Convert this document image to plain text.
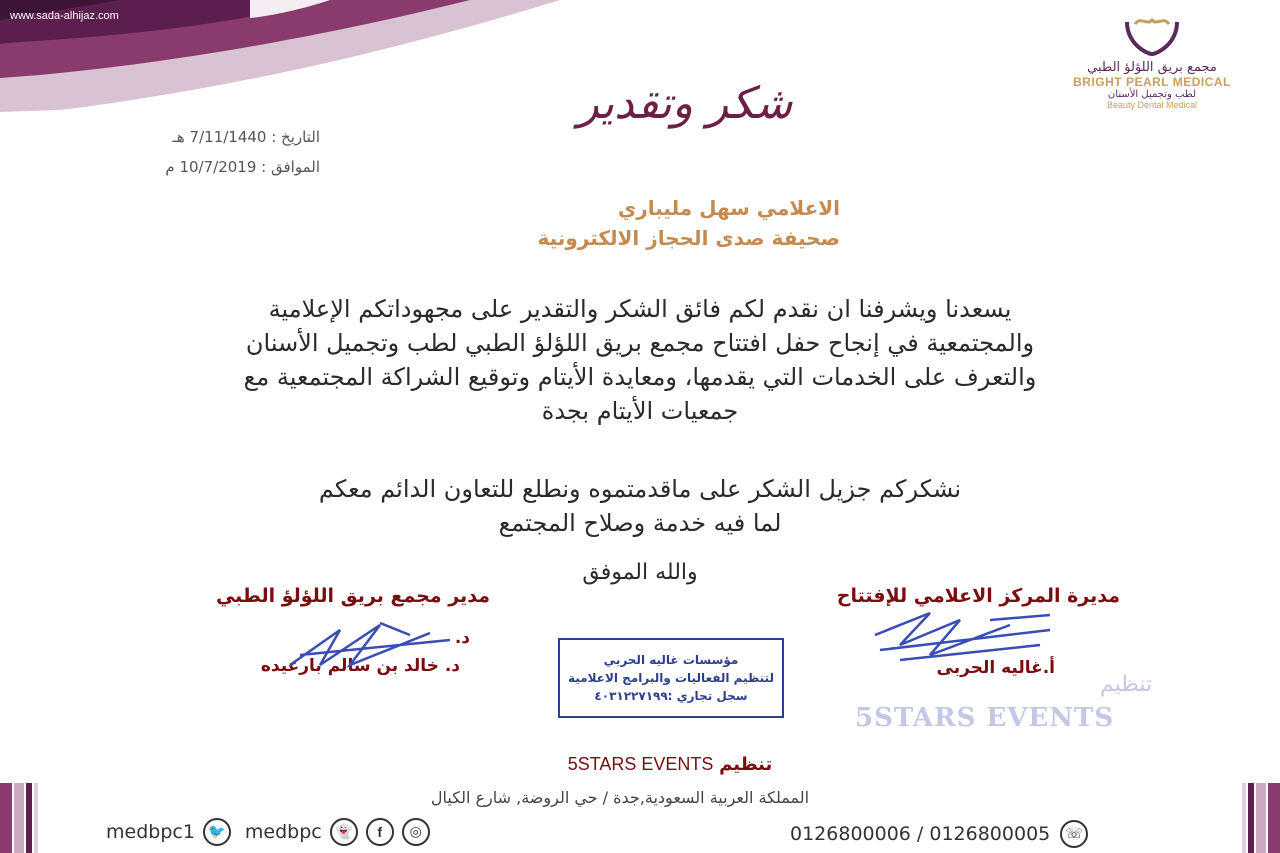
www.sada-alhijaz.com
مجمع بريق اللؤلؤ الطبي
BRIGHT PEARL MEDICAL
لطب وتجميل الأسنان
Beauty Dental Medical
شكر وتقدير
التاريخ : 7/11/1440 هـ
الموافق : 10/7/2019 م
الاعلامي سهل مليباري
صحيفة صدى الحجاز الالكترونية
يسعدنا ويشرفنا ان نقدم لكم فائق الشكر والتقدير على مجهوداتكم الإعلامية والمجتمعية في إنجاح حفل افتتاح مجمع بريق اللؤلؤ الطبي لطب وتجميل الأسنان والتعرف على الخدمات التي يقدمها، ومعايدة الأيتام وتوقيع الشراكة المجتمعية مع جمعيات الأيتام بجدة
نشكركم جزيل الشكر على ماقدمتموه ونطلع للتعاون الدائم معكم
لما فيه خدمة وصلاح المجتمع
والله الموفق
مدير مجمع بريق اللؤلؤ الطبي
د.
د. خالد بن سالم بارعيده
مديرة المركز الاعلامي للإفتتاح
أ.غاليه الحربى
مؤسسات غاليه الحربي
لتنظيم الفعاليات والبرامج الاعلامية
سجل تجاري :٤٠٣١٢٢٧١٩٩	تنظيم
5STARS EVENTS
5STARS EVENTS تنظيم
المملكة العربية السعودية,جدة / حي الروضة, شارع الكيال
medbpc1 🐦 medbpc 👻	f	◎	0126800006 / 0126800005	☏
